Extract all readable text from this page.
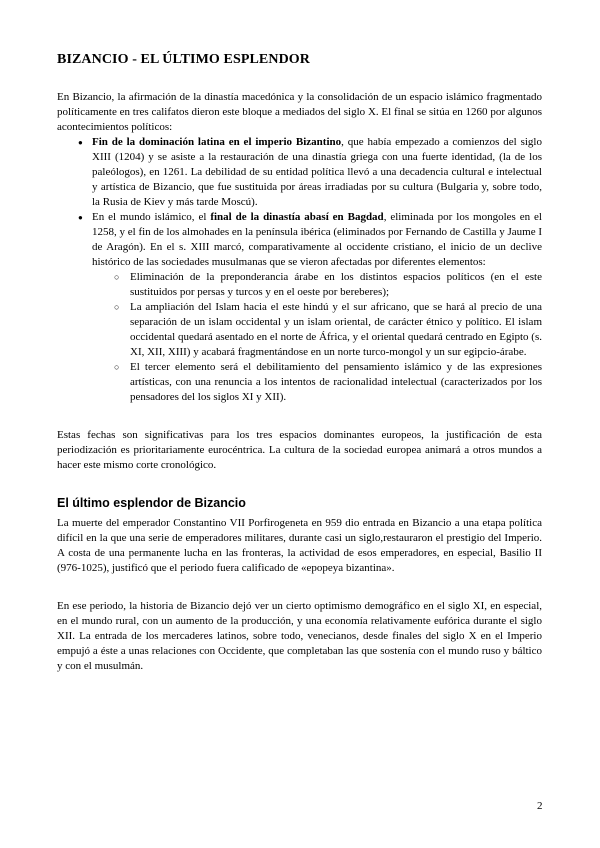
BIZANCIO - EL ÚLTIMO ESPLENDOR

En Bizancio, la afirmación de la dinastía macedónica y la consolidación de un espacio islámico fragmentado políticamente en tres califatos dieron este bloque a mediados del siglo X. El final se sitúa en 1260 por algunos acontecimientos políticos:

● Fin de la dominación latina en el imperio Bizantino, que había empezado a comienzos del siglo XIII (1204) y se asiste a la restauración de una dinastía griega con una fuerte identidad, (la de los paleólogos), en 1261. La debilidad de su entidad política llevó a una decadencia cultural e intelectual y artística de Bizancio, que fue sustituida por áreas irradiadas por su cultura (Bulgaria y, sobre todo, la Rusia de Kiev y más tarde Moscú).
● En el mundo islámico, el final de la dinastía abasí en Bagdad, eliminada por los mongoles en el 1258, y el fin de los almohades en la península ibérica (eliminados por Fernando de Castilla y Jaume I de Aragón). En el s. XIII marcó, comparativamente al occidente cristiano, el inicio de un declive histórico de las sociedades musulmanas que se vieron afectadas por diferentes elementos:
○ Eliminación de la preponderancia árabe en los distintos espacios políticos (en el este sustituidos por persas y turcos y en el oeste por bereberes);
○ La ampliación del Islam hacia el este hindú y el sur africano, que se hará al precio de una separación de un islam occidental y un islam oriental, de carácter étnico y político. El islam occidental quedará asentado en el norte de África, y el oriental quedará centrado en Egipto (s. XI, XII, XIII) y acabará fragmentándose en un norte turco-mongol y un sur egipcio-árabe.
○ El tercer elemento será el debilitamiento del pensamiento islámico y de las expresiones artísticas, con una renuncia a los intentos de racionalidad intelectual (caracterizados por los pensadores del los siglos XI y XII).

Estas fechas son significativas para los tres espacios dominantes europeos, la justificación de esta periodización es prioritariamente eurocéntrica. La cultura de la sociedad europea animará a otros mundos a hacer este mismo corte cronológico.

El último esplendor de Bizancio

La muerte del emperador Constantino VII Porfirogeneta en 959 dio entrada en Bizancio a una etapa política difícil en la que una serie de emperadores militares, durante casi un siglo,restauraron el prestigio del Imperio. A costa de una permanente lucha en las fronteras, la actividad de esos emperadores, en especial, Basilio II (976-1025), justificó que el periodo fuera calificado de «epopeya bizantina».

En ese periodo, la historia de Bizancio dejó ver un cierto optimismo demográfico en el siglo XI, en especial, en el mundo rural, con un aumento de la producción, y una economía relativamente eufórica durante el siglo XII. La entrada de los mercaderes latinos, sobre todo, venecianos, desde finales del siglo X en el Imperio empujó a éste a unas relaciones con Occidente, que completaban las que sostenía con el mundo ruso y báltico y con el musulmán.

2
